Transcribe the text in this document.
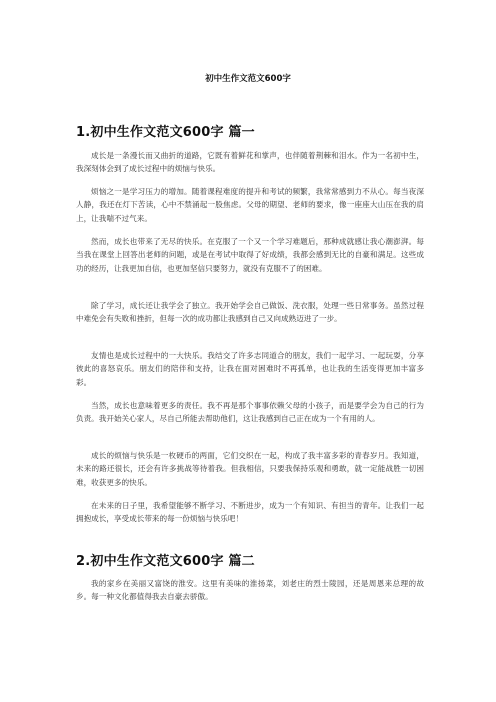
初中生作文范文600字
1.初中生作文范文600字 篇一
成长是一条漫长而又曲折的道路，它既有着鲜花和掌声，也伴随着荆棘和泪水。作为一名初中生，我深刻体会到了成长过程中的烦恼与快乐。
烦恼之一是学习压力的增加。随着课程难度的提升和考试的频繁，我常常感到力不从心。每当夜深人静，我还在灯下苦读，心中不禁涌起一股焦虑。父母的期望、老师的要求，像一座座大山压在我的肩上，让我喘不过气来。
然而，成长也带来了无尽的快乐。在克服了一个又一个学习难题后，那种成就感让我心潮澎湃。每当我在课堂上回答出老师的问题，或是在考试中取得了好成绩，我都会感到无比的自豪和满足。这些成功的经历，让我更加自信，也更加坚信只要努力，就没有克服不了的困难。
除了学习，成长还让我学会了独立。我开始学会自己做饭、洗衣服，处理一些日常事务。虽然过程中难免会有失败和挫折，但每一次的成功都让我感到自己又向成熟迈进了一步。
友情也是成长过程中的一大快乐。我结交了许多志同道合的朋友，我们一起学习、一起玩耍，分享彼此的喜怒哀乐。朋友们的陪伴和支持，让我在面对困难时不再孤单，也让我的生活变得更加丰富多彩。
当然，成长也意味着更多的责任。我不再是那个事事依赖父母的小孩子，而是要学会为自己的行为负责。我开始关心家人，尽自己所能去帮助他们，这让我感到自己正在成为一个有用的人。
成长的烦恼与快乐是一枚硬币的两面，它们交织在一起，构成了我丰富多彩的青春岁月。我知道，未来的路还很长，还会有许多挑战等待着我。但我相信，只要我保持乐观和勇敢，就一定能战胜一切困难，收获更多的快乐。
在未来的日子里，我希望能够不断学习、不断进步，成为一个有知识、有担当的青年。让我们一起拥抱成长，享受成长带来的每一份烦恼与快乐吧！
2.初中生作文范文600字 篇二
我的家乡在美丽又富饶的淮安。这里有美味的淮扬菜，刘老庄的烈士陵园，还是周恩来总理的故乡。每一种文化都值得我去自豪去骄傲。
